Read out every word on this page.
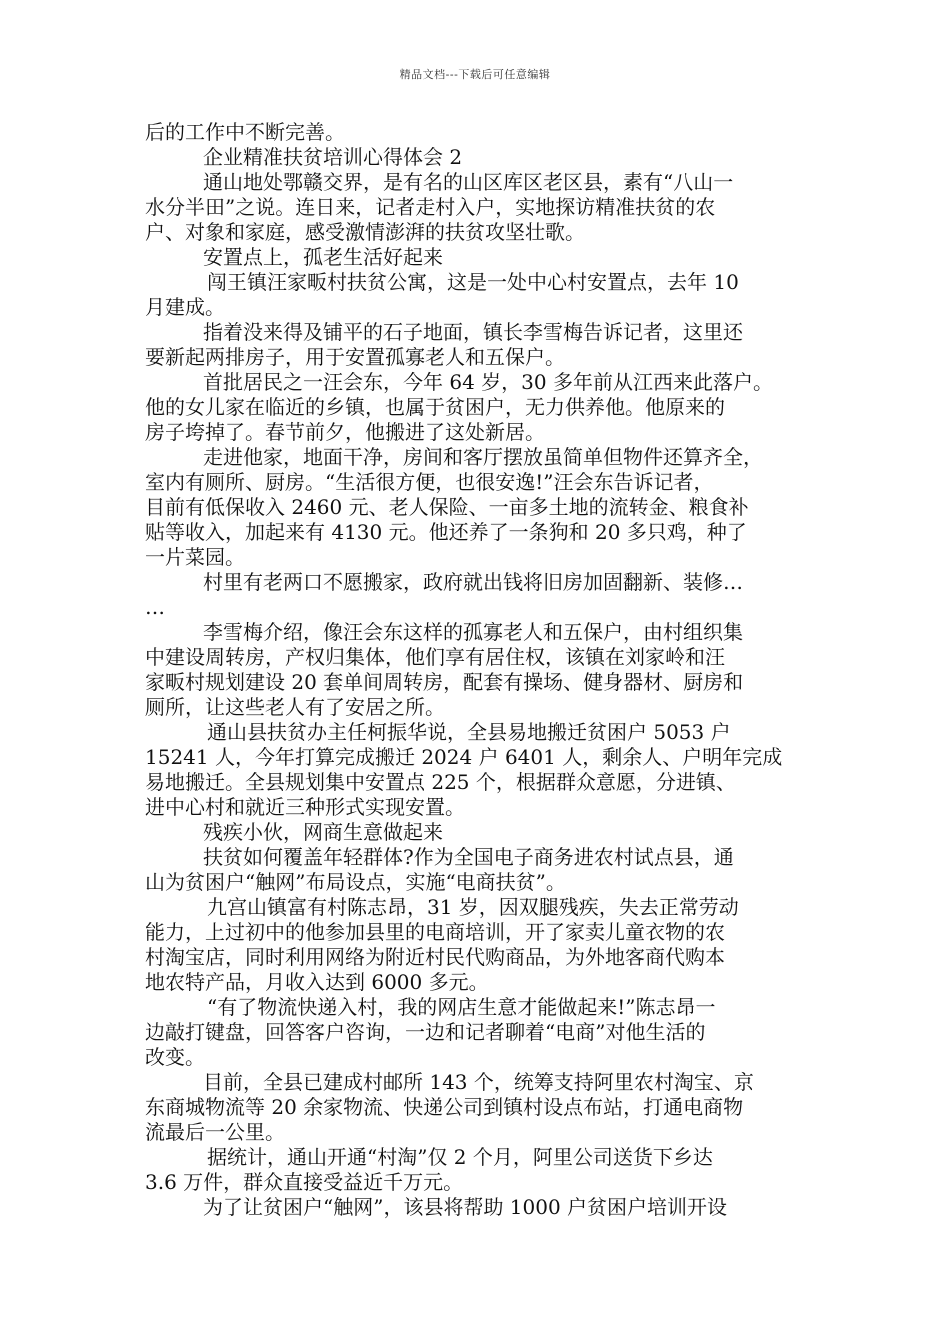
精品文档---下载后可任意编辑
后的工作中不断完善。
企业精准扶贫培训心得体会 2
通山地处鄂赣交界，是有名的山区库区老区县，素有“八山一
水分半田”之说。连日来，记者走村入户，实地探访精准扶贫的农
户、对象和家庭，感受激情澎湃的扶贫攻坚壮歌。
安置点上，孤老生活好起来
闯王镇汪家畈村扶贫公寓，这是一处中心村安置点，去年 10
月建成。
指着没来得及铺平的石子地面，镇长李雪梅告诉记者，这里还
要新起两排房子，用于安置孤寡老人和五保户。
首批居民之一汪会东，今年 64 岁，30 多年前从江西来此落户。
他的女儿家在临近的乡镇，也属于贫困户，无力供养他。他原来的
房子垮掉了。春节前夕，他搬进了这处新居。
走进他家，地面干净，房间和客厅摆放虽简单但物件还算齐全，
室内有厕所、厨房。“生活很方便，也很安逸!”汪会东告诉记者，
目前有低保收入 2460 元、老人保险、一亩多土地的流转金、粮食补
贴等收入，加起来有 4130 元。他还养了一条狗和 20 多只鸡，种了
一片菜园。
村里有老两口不愿搬家，政府就出钱将旧房加固翻新、装修…
…
李雪梅介绍，像汪会东这样的孤寡老人和五保户，由村组织集
中建设周转房，产权归集体，他们享有居住权，该镇在刘家岭和汪
家畈村规划建设 20 套单间周转房，配套有操场、健身器材、厨房和
厕所，让这些老人有了安居之所。
通山县扶贫办主任柯振华说，全县易地搬迁贫困户 5053 户
15241 人，今年打算完成搬迁 2024 户 6401 人，剩余人、户明年完成
易地搬迁。全县规划集中安置点 225 个，根据群众意愿，分进镇、
进中心村和就近三种形式实现安置。
残疾小伙，网商生意做起来
扶贫如何覆盖年轻群体?作为全国电子商务进农村试点县，通
山为贫困户“触网”布局设点，实施“电商扶贫”。
九宫山镇富有村陈志昂，31 岁，因双腿残疾，失去正常劳动
能力，上过初中的他参加县里的电商培训，开了家卖儿童衣物的农
村淘宝店，同时利用网络为附近村民代购商品，为外地客商代购本
地农特产品，月收入达到 6000 多元。
“有了物流快递入村，我的网店生意才能做起来!”陈志昂一
边敲打键盘，回答客户咨询，一边和记者聊着“电商”对他生活的
改变。
目前，全县已建成村邮所 143 个，统筹支持阿里农村淘宝、京
东商城物流等 20 余家物流、快递公司到镇村设点布站，打通电商物
流最后一公里。
据统计，通山开通“村淘”仅 2 个月，阿里公司送货下乡达
3.6 万件，群众直接受益近千万元。
为了让贫困户“触网”，该县将帮助 1000 户贫困户培训开设
